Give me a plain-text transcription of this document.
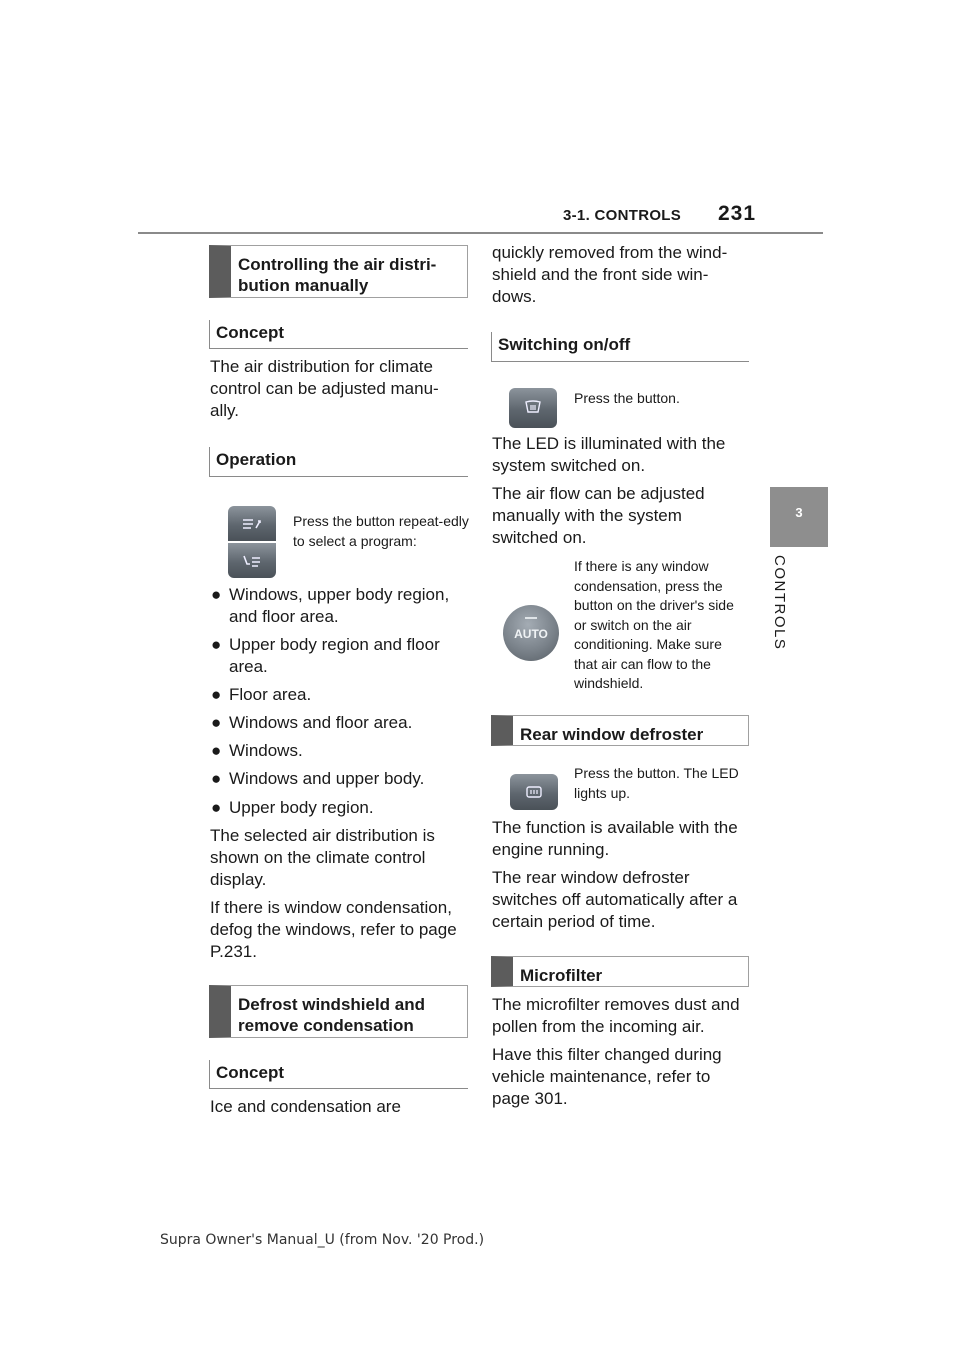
3-1. CONTROLS 231
3
CONTROLS
Controlling the air distri-
bution manually
Concept
The air distribution for climate control can be adjusted manu-ally.
Operation
Press the button repeat-edly to select a program:
● Windows, upper body region, and floor area.
● Upper body region and floor area.
● Floor area.
● Windows and floor area.
● Windows.
● Windows and upper body.
● Upper body region.
The selected air distribution is shown on the climate control display.
If there is window condensation, defog the windows, refer to page P.231.
Defrost windshield and
remove condensation
Concept
Ice and condensation are
quickly removed from the wind-shield and the front side win-dows.
Switching on/off
Press the button.
The LED is illuminated with the system switched on.
The air flow can be adjusted manually with the system switched on.
AUTO
If there is any window condensation, press the button on the driver's side or switch on the air conditioning. Make sure that air can flow to the windshield.
Rear window defroster
Press the button. The LED lights up.
The function is available with the engine running.
The rear window defroster switches off automatically after a certain period of time.
Microfilter
The microfilter removes dust and pollen from the incoming air.
Have this filter changed during vehicle maintenance, refer to page 301.
Supra Owner's Manual_U (from Nov. '20 Prod.)
